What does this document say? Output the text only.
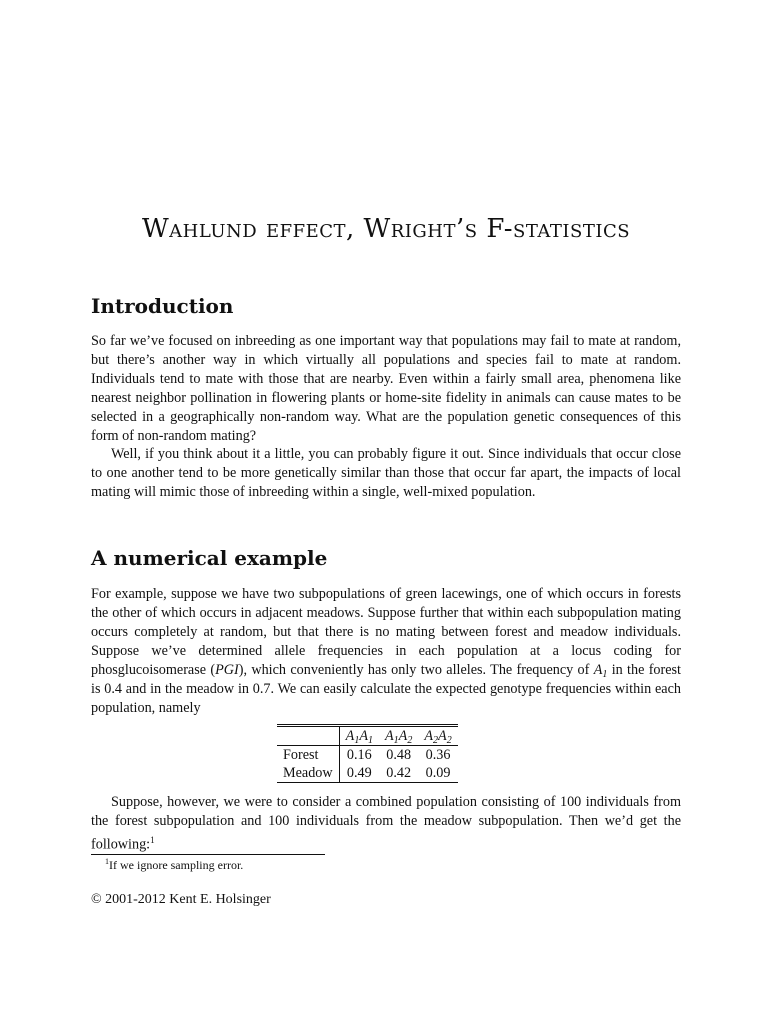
Wahlund effect, Wright’s F-statistics
Introduction

So far we’ve focused on inbreeding as one important way that populations may fail to mate at random, but there’s another way in which virtually all populations and species fail to mate at random. Individuals tend to mate with those that are nearby. Even within a fairly small area, phenomena like nearest neighbor pollination in flowering plants or home-site fidelity in animals can cause mates to be selected in a geographically non-random way. What are the population genetic consequences of this form of non-random mating?

Well, if you think about it a little, you can probably figure it out. Since individuals that occur close to one another tend to be more genetically similar than those that occur far apart, the impacts of local mating will mimic those of inbreeding within a single, well-mixed population.

A numerical example

For example, suppose we have two subpopulations of green lacewings, one of which occurs in forests the other of which occurs in adjacent meadows. Suppose further that within each subpopulation mating occurs completely at random, but that there is no mating between forest and meadow individuals. Suppose we’ve determined allele frequencies in each population at a locus coding for phosglucoisomerase (PGI), which conveniently has only two alleles. The frequency of $A_1$ in the forest is 0.4 and in the meadow in 0.7. We can easily calculate the expected genotype frequencies within each population, namely

	$A_1A_1$	$A_1A_2$	$A_2A_2$
Forest	0.16	0.48	0.36
Meadow	0.49	0.42	0.09

Suppose, however, we were to consider a combined population consisting of 100 individuals from the forest subpopulation and 100 individuals from the meadow subpopulation. Then we’d get the following:$^1$

$^1$If we ignore sampling error.
© 2001-2012 Kent E. Holsinger
